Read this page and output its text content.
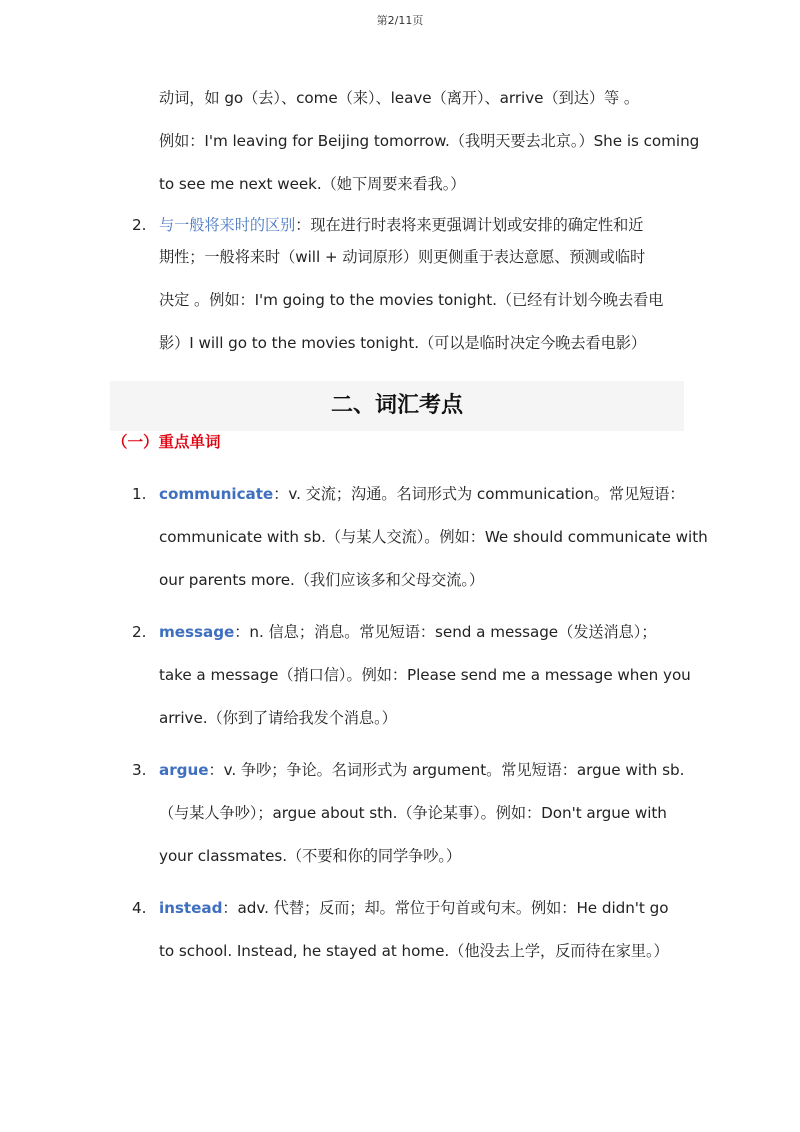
第2/11页
动词，如 go（去）、come（来）、leave（离开）、arrive（到达）等 。
例如：I'm leaving for Beijing tomorrow.（我明天要去北京。）She is coming
to see me next week.（她下周要来看我。）
2. 与一般将来时的区别：现在进行时表将来更强调计划或安排的确定性和近
期性；一般将来时（will + 动词原形）则更侧重于表达意愿、预测或临时
决定 。例如：I'm going to the movies tonight.（已经有计划今晚去看电
影）I will go to the movies tonight.（可以是临时决定今晚去看电影）
二、词汇考点
（一）重点单词
1. communicate：v. 交流；沟通。名词形式为 communication。常见短语：
communicate with sb.（与某人交流）。例如：We should communicate with
our parents more.（我们应该多和父母交流。）
2. message：n. 信息；消息。常见短语：send a message（发送消息）；
take a message（捎口信）。例如：Please send me a message when you
arrive.（你到了请给我发个消息。）
3. argue：v. 争吵；争论。名词形式为 argument。常见短语：argue with sb.
（与某人争吵）；argue about sth.（争论某事）。例如：Don't argue with
your classmates.（不要和你的同学争吵。）
4. instead：adv. 代替；反而；却。常位于句首或句末。例如：He didn't go
to school. Instead, he stayed at home.（他没去上学，反而待在家里。）
